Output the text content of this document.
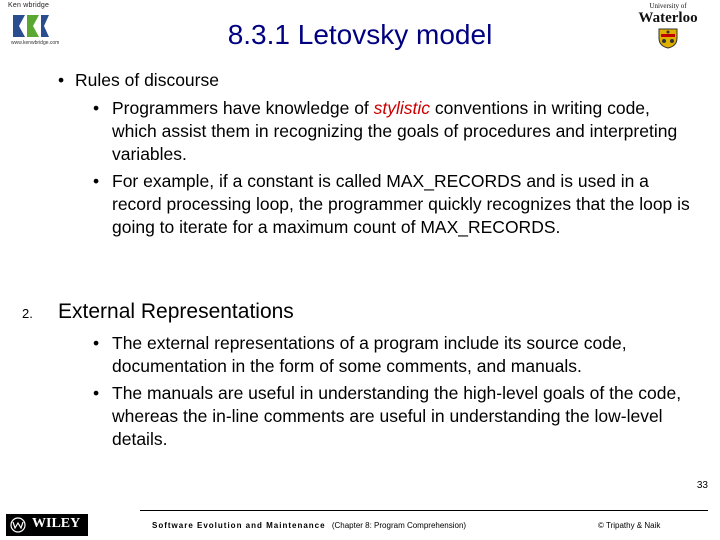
Ken wbridge
www.kenwbridge.com	8.3.1 Letovsky model
University of
Waterloo
• Rules of discourse
• Programmers have knowledge of stylistic conventions in writing code, which assist them in recognizing the goals of procedures and interpreting variables.
• For example, if a constant is called MAX_RECORDS and is used in a record processing loop, the programmer quickly recognizes that the loop is going to iterate for a maximum count of MAX_RECORDS.
2. External Representations
• The external representations of a program include its source code, documentation in the form of some comments, and manuals.
• The manuals are useful in understanding the high-level goals of the code, whereas the in-line comments are useful in understanding the low-level details.
33
WILEY	Software Evolution and Maintenance (Chapter 8: Program Comprehension)	© Tripathy & Naik
